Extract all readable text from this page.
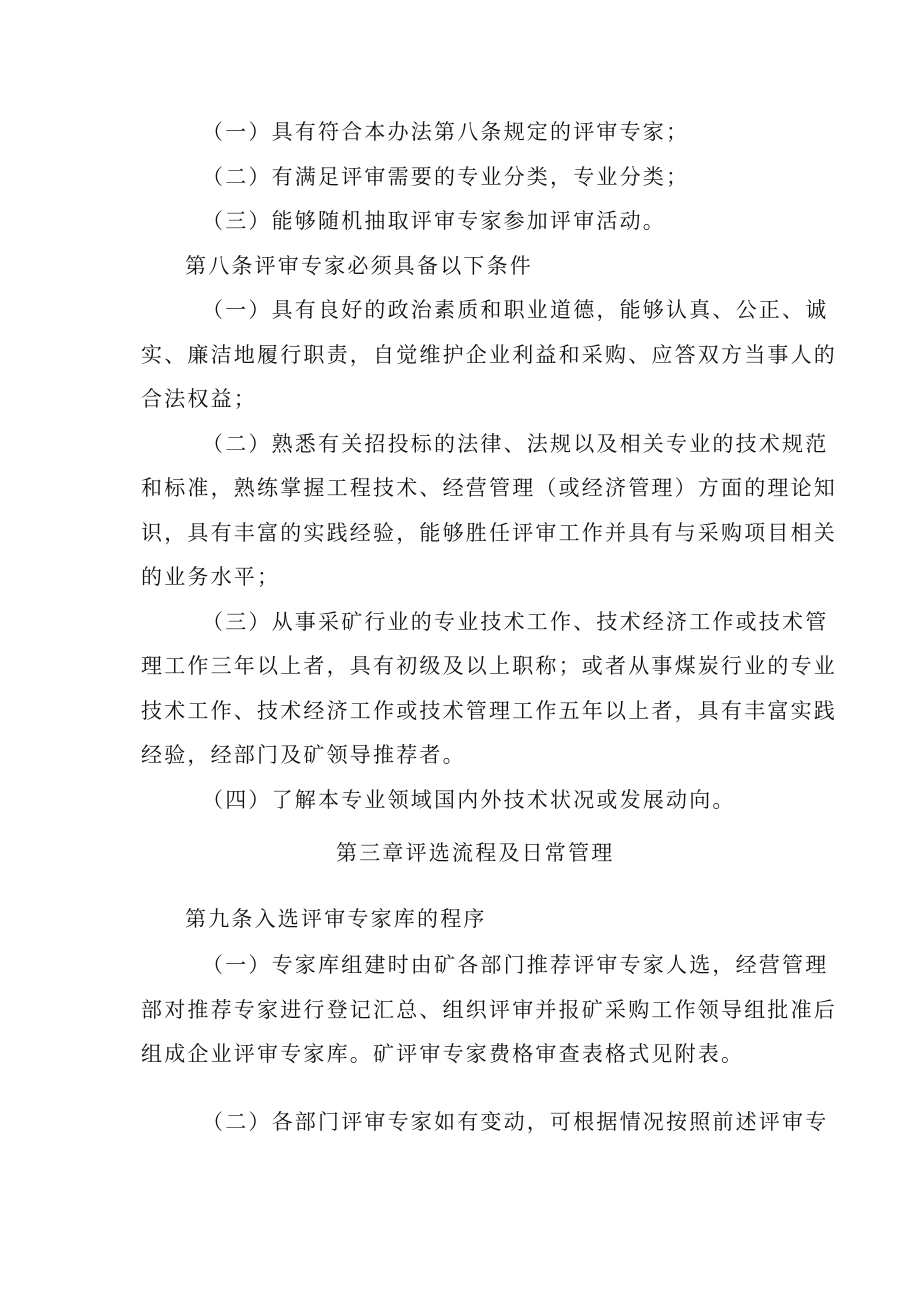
（一）具有符合本办法第八条规定的评审专家；
（二）有满足评审需要的专业分类，专业分类；
（三）能够随机抽取评审专家参加评审活动。
第八条评审专家必须具备以下条件
（一）具有良好的政治素质和职业道德，能够认真、公正、诚
实、廉洁地履行职责，自觉维护企业利益和采购、应答双方当事人的
合法权益；
（二）熟悉有关招投标的法律、法规以及相关专业的技术规范
和标准，熟练掌握工程技术、经营管理（或经济管理）方面的理论知
识，具有丰富的实践经验，能够胜任评审工作并具有与采购项目相关
的业务水平；
（三）从事采矿行业的专业技术工作、技术经济工作或技术管
理工作三年以上者，具有初级及以上职称；或者从事煤炭行业的专业
技术工作、技术经济工作或技术管理工作五年以上者，具有丰富实践
经验，经部门及矿领导推荐者。
（四）了解本专业领域国内外技术状况或发展动向。
第三章评选流程及日常管理
第九条入选评审专家库的程序
（一）专家库组建时由矿各部门推荐评审专家人选，经营管理
部对推荐专家进行登记汇总、组织评审并报矿采购工作领导组批准后
组成企业评审专家库。矿评审专家费格审查表格式见附表。
（二）各部门评审专家如有变动，可根据情况按照前述评审专
